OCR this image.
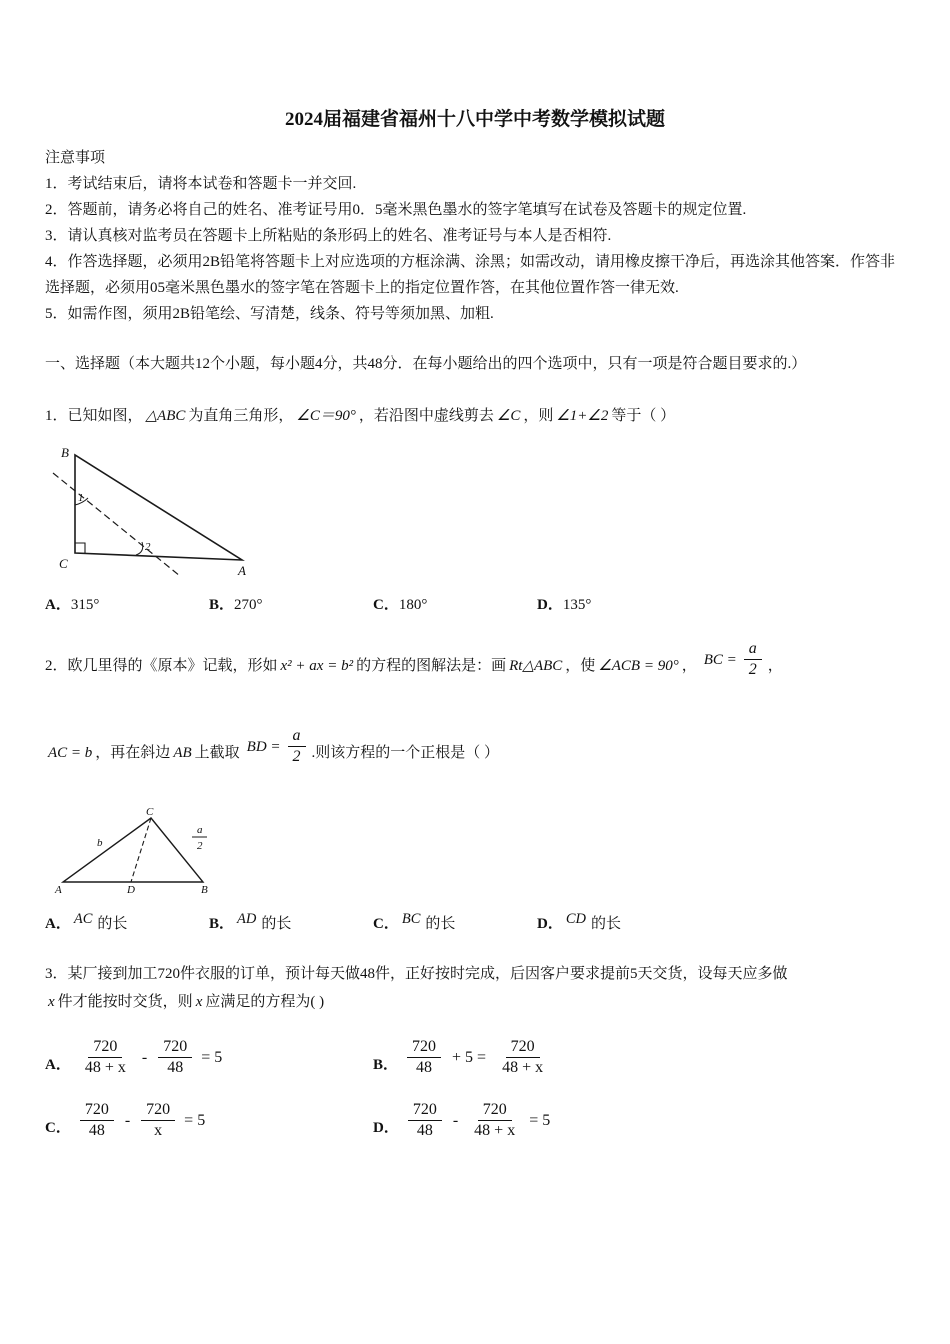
2024届福建省福州十八中学中考数学模拟试题

注意事项

1．考试结束后，请将本试卷和答题卡一并交回.

2．答题前，请务必将自己的姓名、准考证号用0．5毫米黑色墨水的签字笔填写在试卷及答题卡的规定位置.

3．请认真核对监考员在答题卡上所粘贴的条形码上的姓名、准考证号与本人是否相符.

4．作答选择题，必须用2B铅笔将答题卡上对应选项的方框涂满、涂黑；如需改动，请用橡皮擦干净后，再选涂其他答案．作答非选择题，必须用05毫米黑色墨水的签字笔在答题卡上的指定位置作答，在其他位置作答一律无效.

5．如需作图，须用2B铅笔绘、写清楚，线条、符号等须加黑、加粗.

一、选择题（本大题共12个小题，每小题4分，共48分．在每小题给出的四个选项中，只有一项是符合题目要求的.）

1．已知如图， △ABC 为直角三角形， ∠C＝90° ，若沿图中虚线剪去 ∠C ，则 ∠1+∠2 等于（ ）

B
C	A
1
2
A．315°	B．270°	C．180°	D．135°

2．欧几里得的《原本》记载，形如 x² + ax = b² 的方程的图解法是：画 Rt△ABC ，使 ∠ACB = 90° ， BC = $\frac{a}{2}$ ，

AC = b ，再在斜边 AB 上截取 BD = $\frac{a}{2}$ .则该方程的一个正根是（ ）

A	D	B
C
b
a
2
A． AC 的长	B． AD 的长	C． BC 的长	D． CD 的长

3．某厂接到加工720件衣服的订单，预计每天做48件，正好按时完成，后因客户要求提前5天交货，设每天应多做

x 件才能按时交货，则 x 应满足的方程为( )

A． $\frac{720}{48 + x} - \frac{720}{48} = 5$	B． $\frac{720}{48} + 5 = \frac{720}{48 + x}$
C． $\frac{720}{48} - \frac{720}{x} = 5$	D． $\frac{720}{48} - \frac{720}{48 + x} = 5$
